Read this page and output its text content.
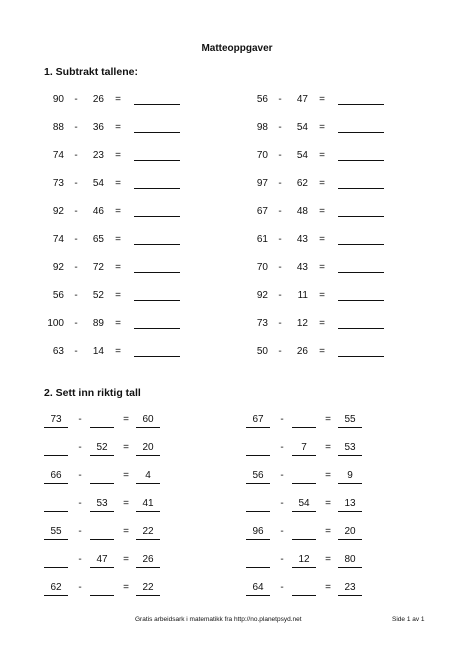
Matteoppgaver
1. Subtrakt tallene:
90	-	26	=
88	-	36	=
74	-	23	=
73	-	54	=
92	-	46	=
74	-	65	=
92	-	72	=
56	-	52	=
100	-	89	=
63	-	14	=
56	-	47	=
98	-	54	=
70	-	54	=
97	-	62	=
67	-	48	=
61	-	43	=
70	-	43	=
92	-	11	=
73	-	12	=
50	-	26	=
2. Sett inn riktig tall
73	-	=	60
-	52	=	20
66	-	=	4
-	53	=	41
55	-	=	22
-	47	=	26
62	-	=	22
67	-	=	55
-	7	=	53
56	-	=	9
-	54	=	13
96	-	=	20
-	12	=	80
64	-	=	23
Gratis arbeidsark i matematikk fra http://no.planetpsyd.net	Side 1 av 1
